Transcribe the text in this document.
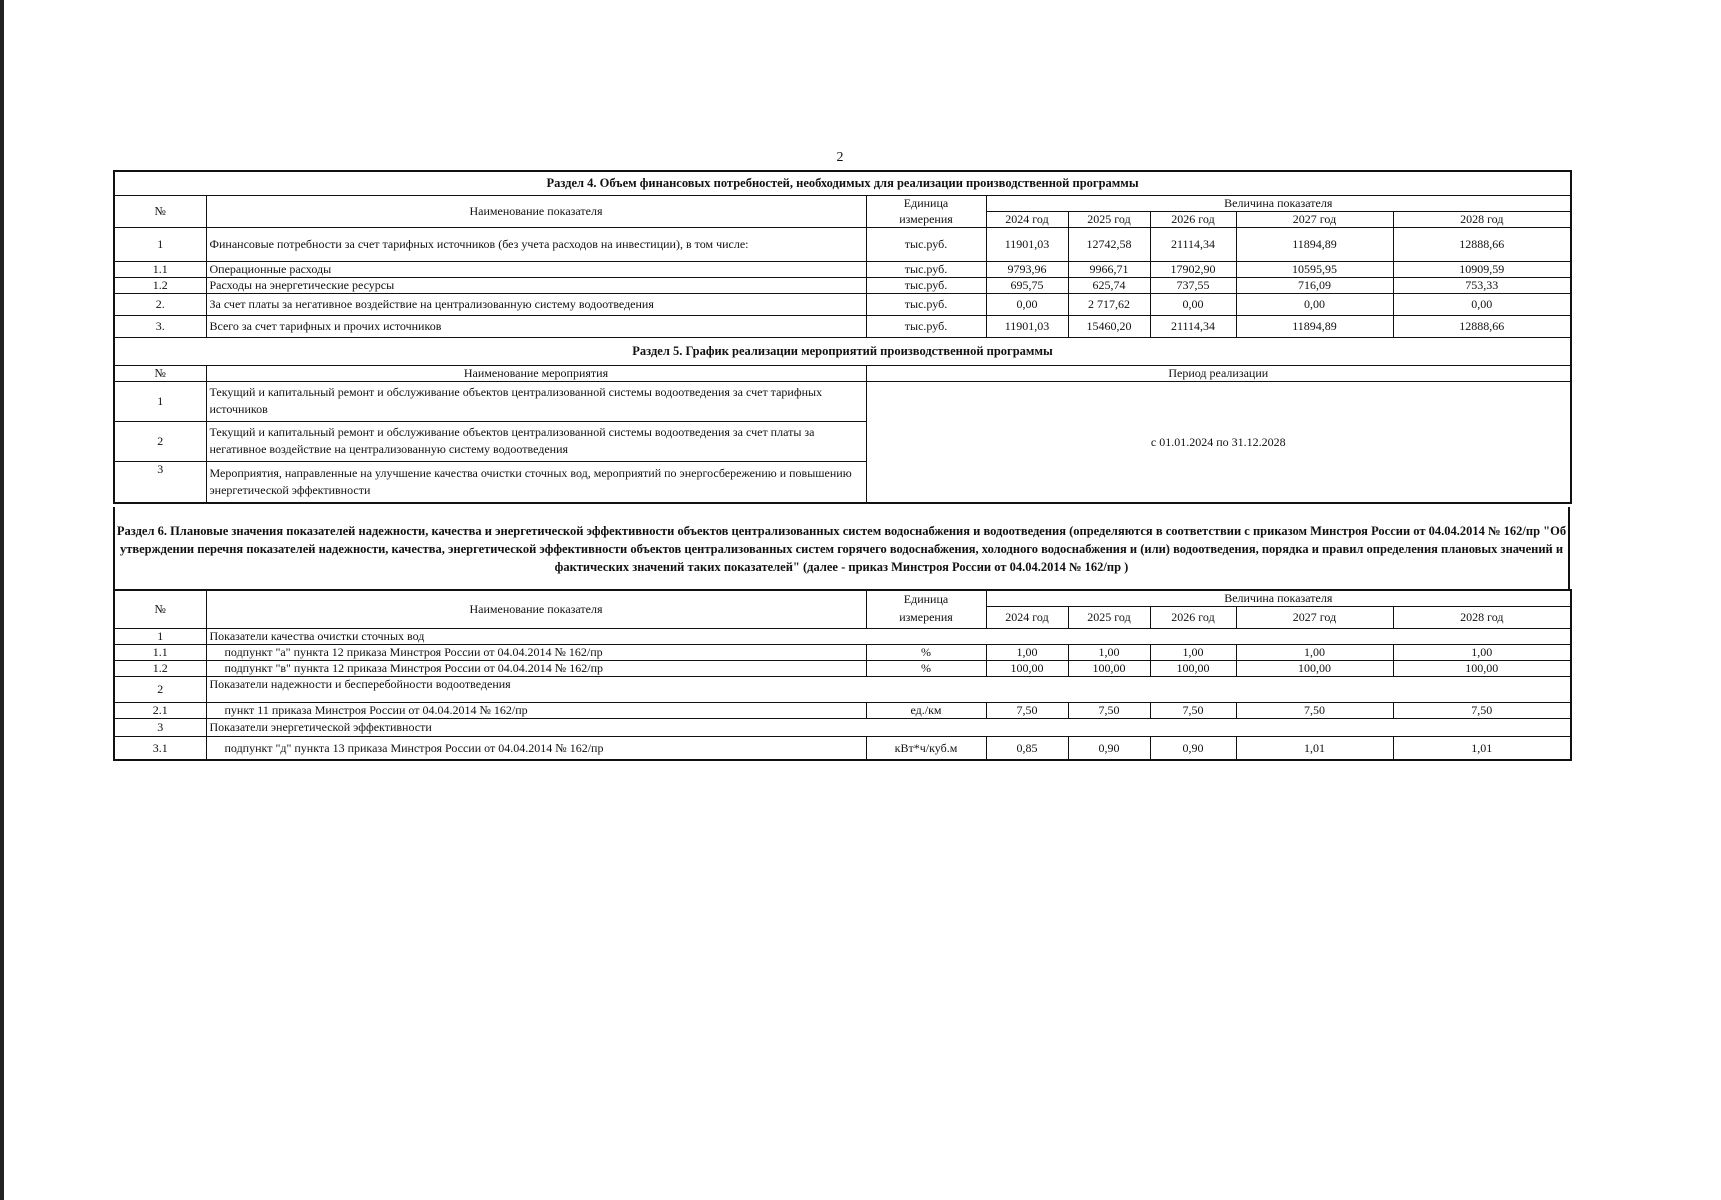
2
Раздел 4. Объем финансовых потребностей, необходимых для реализации производственной программы							
№	Наименование показателя	Единица	Величина показателя				
		измерения	2024 год	2025 год	2026 год	2027 год	2028 год
1	Финансовые потребности за счет тарифных источников (без учета расходов на инвестиции), в том числе:	тыс.руб.	11901,03	12742,58	21114,34	11894,89	12888,66
1.1	Операционные расходы	тыс.руб.	9793,96	9966,71	17902,90	10595,95	10909,59
1.2	Расходы на энергетические ресурсы	тыс.руб.	695,75	625,74	737,55	716,09	753,33
2.	За счет платы за негативное воздействие на централизованную систему водоотведения	тыс.руб.	0,00	2 717,62	0,00	0,00	0,00
3.	Всего за счет тарифных и прочих источников	тыс.руб.	11901,03	15460,20	21114,34	11894,89	12888,66
Раздел 5. График реализации мероприятий производственной программы							
№	Наименование мероприятия	Период реализации					
1	Текущий и капитальный ремонт и обслуживание объектов централизованной системы водоотведения за счет тарифных источников	с 01.01.2024 по 31.12.2028					
2	Текущий и капитальный ремонт и обслуживание объектов централизованной системы водоотведения за счет платы за негативное воздействие на централизованную систему водоотведения						
3	Мероприятия, направленные на улучшение качества очистки сточных вод, мероприятий по энергосбережению и повышению энергетической эффективности						
Раздел 6. Плановые значения показателей надежности, качества и энергетической эффективности объектов централизованных систем водоснабжения и водоотведения (определяются в соответствии с приказом Минстроя России от 04.04.2014 № 162/пр "Об утверждении перечня показателей надежности, качества, энергетической эффективности объектов централизованных систем горячего водоснабжения, холодного водоснабжения и (или) водоотведения, порядка и правил определения плановых значений и фактических значений таких показателей" (далее - приказ Минстроя России от 04.04.2014 № 162/пр )
№	Наименование показателя	Единица	Величина показателя				
		измерения	2024 год	2025 год	2026 год	2027 год	2028 год
1	Показатели качества очистки сточных вод						
1.1	подпункт "а" пункта 12 приказа Минстроя России от 04.04.2014 № 162/пр	%	1,00	1,00	1,00	1,00	1,00
1.2	подпункт "в" пункта 12 приказа Минстроя России от 04.04.2014 № 162/пр	%	100,00	100,00	100,00	100,00	100,00
2	Показатели надежности и бесперебойности водоотведения						
2.1	пункт 11 приказа Минстроя России от 04.04.2014 № 162/пр	ед./км	7,50	7,50	7,50	7,50	7,50
3	Показатели энергетической эффективности						
3.1	подпункт "д" пункта 13 приказа Минстроя России от 04.04.2014 № 162/пр	кВт*ч/куб.м	0,85	0,90	0,90	1,01	1,01
